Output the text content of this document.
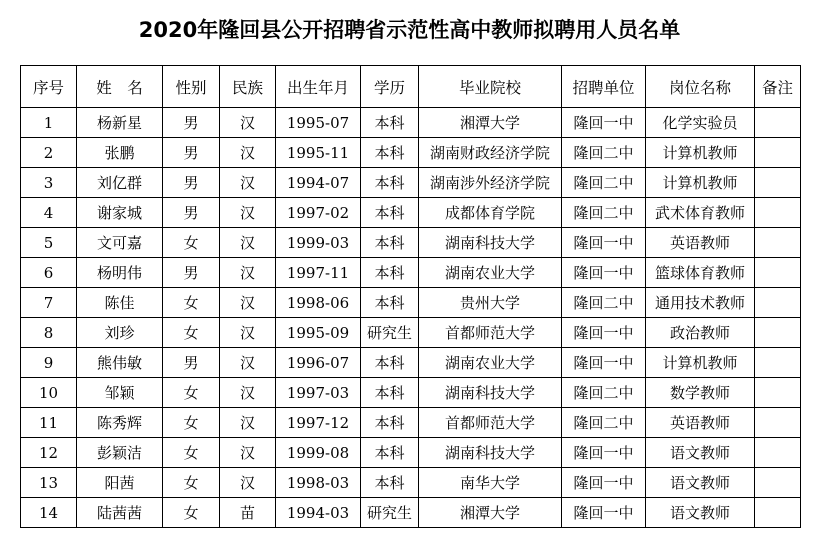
2020年隆回县公开招聘省示范性高中教师拟聘用人员名单
序号	姓　名	性别	民族	出生年月	学历	毕业院校	招聘单位	岗位名称	备注
1	杨新星	男	汉	1995-07	本科	湘潭大学	隆回一中	化学实验员	
2	张鹏	男	汉	1995-11	本科	湖南财政经济学院	隆回二中	计算机教师	
3	刘亿群	男	汉	1994-07	本科	湖南涉外经济学院	隆回二中	计算机教师	
4	谢家城	男	汉	1997-02	本科	成都体育学院	隆回二中	武术体育教师	
5	文可嘉	女	汉	1999-03	本科	湖南科技大学	隆回一中	英语教师	
6	杨明伟	男	汉	1997-11	本科	湖南农业大学	隆回一中	篮球体育教师	
7	陈佳	女	汉	1998-06	本科	贵州大学	隆回二中	通用技术教师	
8	刘珍	女	汉	1995-09	研究生	首都师范大学	隆回一中	政治教师	
9	熊伟敏	男	汉	1996-07	本科	湖南农业大学	隆回一中	计算机教师	
10	邹颖	女	汉	1997-03	本科	湖南科技大学	隆回二中	数学教师	
11	陈秀辉	女	汉	1997-12	本科	首都师范大学	隆回二中	英语教师	
12	彭颖洁	女	汉	1999-08	本科	湖南科技大学	隆回一中	语文教师	
13	阳茜	女	汉	1998-03	本科	南华大学	隆回一中	语文教师	
14	陆茜茜	女	苗	1994-03	研究生	湘潭大学	隆回一中	语文教师	
